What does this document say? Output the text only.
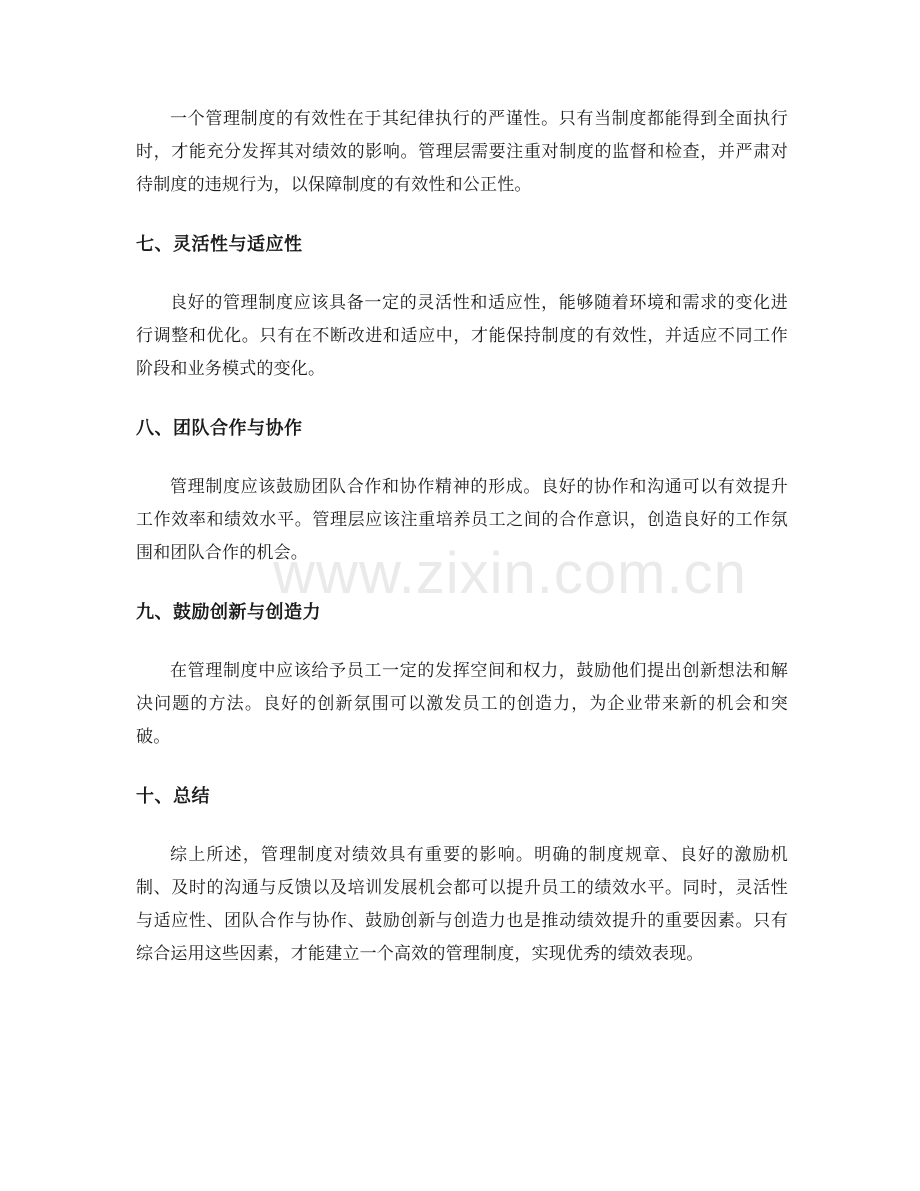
一个管理制度的有效性在于其纪律执行的严谨性。只有当制度都能得到全面执行时，才能充分发挥其对绩效的影响。管理层需要注重对制度的监督和检查，并严肃对待制度的违规行为，以保障制度的有效性和公正性。

七、灵活性与适应性

良好的管理制度应该具备一定的灵活性和适应性，能够随着环境和需求的变化进行调整和优化。只有在不断改进和适应中，才能保持制度的有效性，并适应不同工作阶段和业务模式的变化。

八、团队合作与协作

管理制度应该鼓励团队合作和协作精神的形成。良好的协作和沟通可以有效提升工作效率和绩效水平。管理层应该注重培养员工之间的合作意识，创造良好的工作氛围和团队合作的机会。

九、鼓励创新与创造力

在管理制度中应该给予员工一定的发挥空间和权力，鼓励他们提出创新想法和解决问题的方法。良好的创新氛围可以激发员工的创造力，为企业带来新的机会和突破。

十、总结

综上所述，管理制度对绩效具有重要的影响。明确的制度规章、良好的激励机制、及时的沟通与反馈以及培训发展机会都可以提升员工的绩效水平。同时，灵活性与适应性、团队合作与协作、鼓励创新与创造力也是推动绩效提升的重要因素。只有综合运用这些因素，才能建立一个高效的管理制度，实现优秀的绩效表现。

www.zixin.com.cn
